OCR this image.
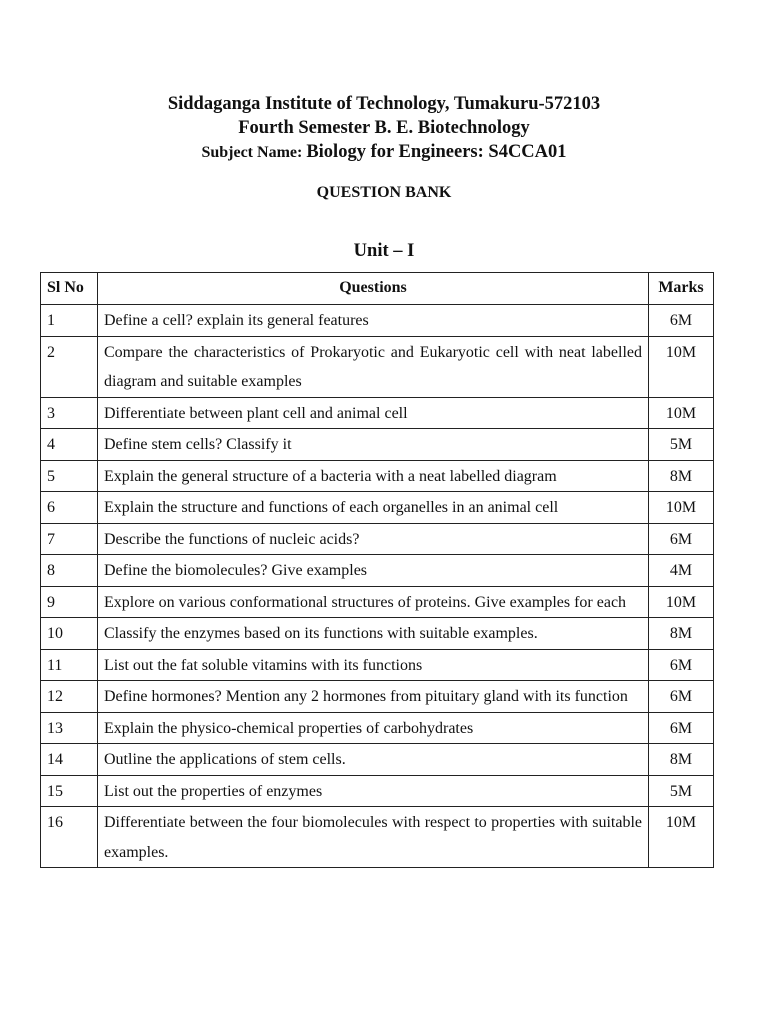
Siddaganga Institute of Technology, Tumakuru-572103
Fourth Semester B. E. Biotechnology
Subject Name: Biology for Engineers: S4CCA01
QUESTION BANK
Unit – I
Sl No	Questions	Marks
1	Define a cell? explain its general features	6M
2	Compare the characteristics of Prokaryotic and Eukaryotic cell with neat labelled diagram and suitable examples	10M
3	Differentiate between plant cell and animal cell	10M
4	Define stem cells? Classify it	5M
5	Explain the general structure of a bacteria with a neat labelled diagram	8M
6	Explain the structure and functions of each organelles in an animal cell	10M
7	Describe the functions of nucleic acids?	6M
8	Define the biomolecules? Give examples	4M
9	Explore on various conformational structures of proteins. Give examples for each	10M
10	Classify the enzymes based on its functions with suitable examples.	8M
11	List out the fat soluble vitamins with its functions	6M
12	Define hormones? Mention any 2 hormones from pituitary gland with its function	6M
13	Explain the physico-chemical properties of carbohydrates	6M
14	Outline the applications of stem cells.	8M
15	List out the properties of enzymes	5M
16	Differentiate between the four biomolecules with respect to properties with suitable examples.	10M
